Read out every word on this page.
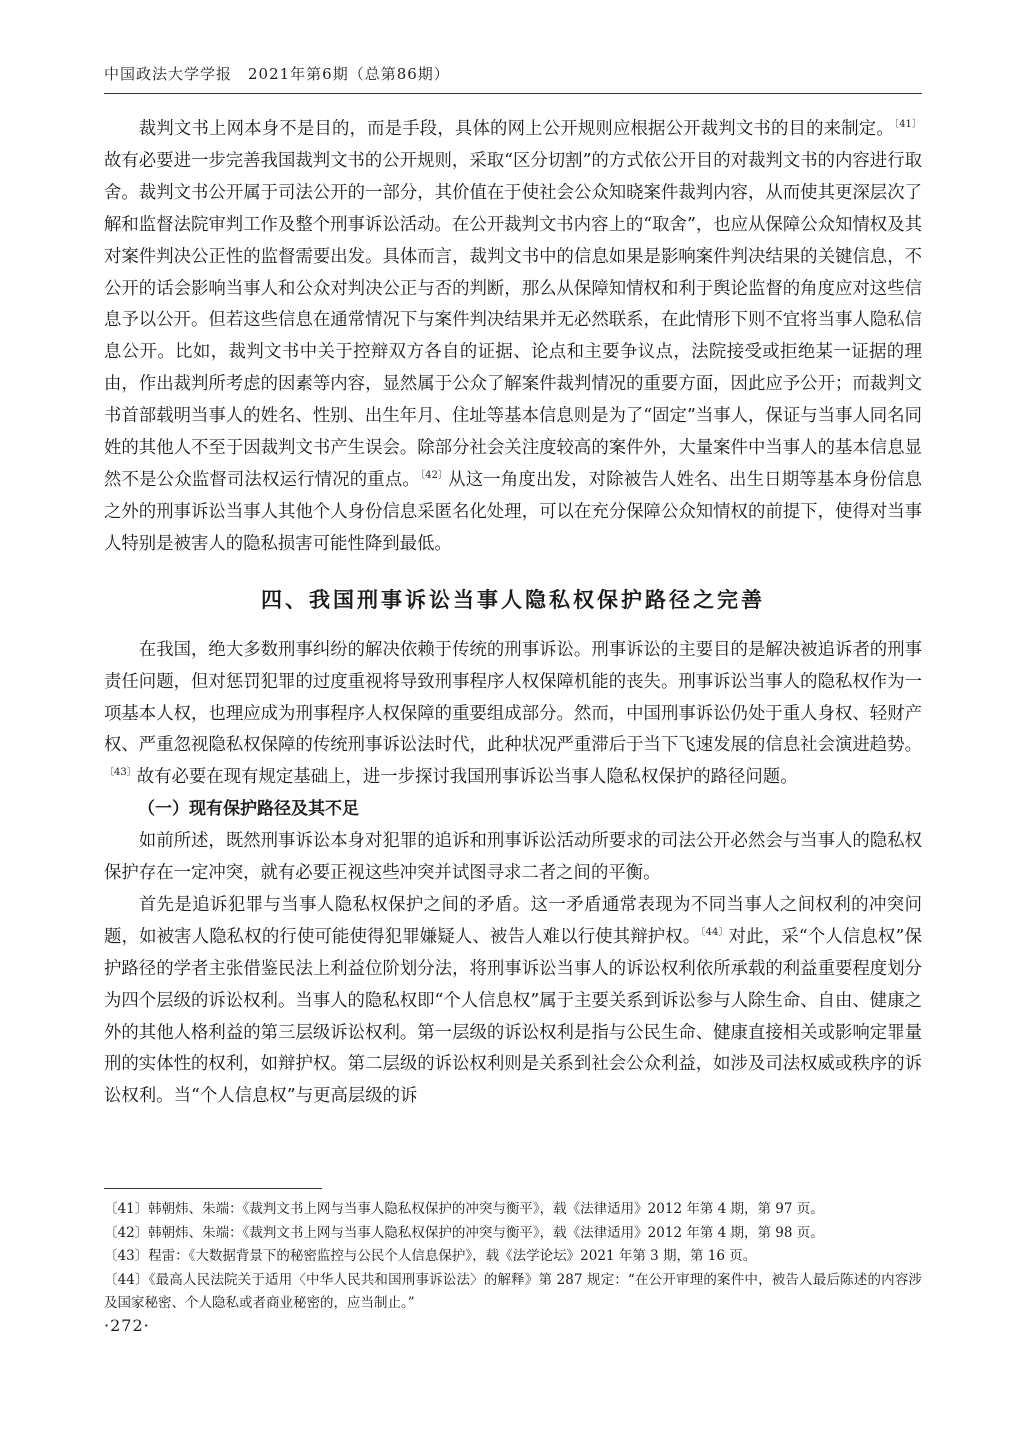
中国政法大学学报　2021年第6期（总第86期）

裁判文书上网本身不是目的，而是手段，具体的网上公开规则应根据公开裁判文书的目的来制定。$^{〔41〕}$故有必要进一步完善我国裁判文书的公开规则，采取“区分切割”的方式依公开目的对裁判文书的内容进行取舍。裁判文书公开属于司法公开的一部分，其价值在于使社会公众知晓案件裁判内容，从而使其更深层次了解和监督法院审判工作及整个刑事诉讼活动。在公开裁判文书内容上的“取舍”，也应从保障公众知情权及其对案件判决公正性的监督需要出发。具体而言，裁判文书中的信息如果是影响案件判决结果的关键信息，不公开的话会影响当事人和公众对判决公正与否的判断，那么从保障知情权和利于舆论监督的角度应对这些信息予以公开。但若这些信息在通常情况下与案件判决结果并无必然联系，在此情形下则不宜将当事人隐私信息公开。比如，裁判文书中关于控辩双方各自的证据、论点和主要争议点，法院接受或拒绝某一证据的理由，作出裁判所考虑的因素等内容，显然属于公众了解案件裁判情况的重要方面，因此应予公开；而裁判文书首部载明当事人的姓名、性别、出生年月、住址等基本信息则是为了“固定”当事人，保证与当事人同名同姓的其他人不至于因裁判文书产生误会。除部分社会关注度较高的案件外，大量案件中当事人的基本信息显然不是公众监督司法权运行情况的重点。$^{〔42〕}$从这一角度出发，对除被告人姓名、出生日期等基本身份信息之外的刑事诉讼当事人其他个人身份信息采匿名化处理，可以在充分保障公众知情权的前提下，使得对当事人特别是被害人的隐私损害可能性降到最低。

四、我国刑事诉讼当事人隐私权保护路径之完善

在我国，绝大多数刑事纠纷的解决依赖于传统的刑事诉讼。刑事诉讼的主要目的是解决被追诉者的刑事责任问题，但对惩罚犯罪的过度重视将导致刑事程序人权保障机能的丧失。刑事诉讼当事人的隐私权作为一项基本人权，也理应成为刑事程序人权保障的重要组成部分。然而，中国刑事诉讼仍处于重人身权、轻财产权、严重忽视隐私权保障的传统刑事诉讼法时代，此种状况严重滞后于当下飞速发展的信息社会演进趋势。$^{〔43〕}$故有必要在现有规定基础上，进一步探讨我国刑事诉讼当事人隐私权保护的路径问题。

（一）现有保护路径及其不足

如前所述，既然刑事诉讼本身对犯罪的追诉和刑事诉讼活动所要求的司法公开必然会与当事人的隐私权保护存在一定冲突，就有必要正视这些冲突并试图寻求二者之间的平衡。

首先是追诉犯罪与当事人隐私权保护之间的矛盾。这一矛盾通常表现为不同当事人之间权利的冲突问题，如被害人隐私权的行使可能使得犯罪嫌疑人、被告人难以行使其辩护权。$^{〔44〕}$对此，采“个人信息权”保护路径的学者主张借鉴民法上利益位阶划分法，将刑事诉讼当事人的诉讼权利依所承载的利益重要程度划分为四个层级的诉讼权利。当事人的隐私权即“个人信息权”属于主要关系到诉讼参与人除生命、自由、健康之外的其他人格利益的第三层级诉讼权利。第一层级的诉讼权利是指与公民生命、健康直接相关或影响定罪量刑的实体性的权利，如辩护权。第二层级的诉讼权利则是关系到社会公众利益，如涉及司法权威或秩序的诉讼权利。当“个人信息权”与更高层级的诉

〔41〕韩朝炜、朱端：《裁判文书上网与当事人隐私权保护的冲突与衡平》，载《法律适用》2012 年第 4 期，第 97 页。

〔42〕韩朝炜、朱端：《裁判文书上网与当事人隐私权保护的冲突与衡平》，载《法律适用》2012 年第 4 期，第 98 页。

〔43〕程雷：《大数据背景下的秘密监控与公民个人信息保护》，载《法学论坛》2021 年第 3 期，第 16 页。

〔44〕《最高人民法院关于适用〈中华人民共和国刑事诉讼法〉的解释》第 287 规定：“在公开审理的案件中，被告人最后陈述的内容涉及国家秘密、个人隐私或者商业秘密的，应当制止。”

·272·
